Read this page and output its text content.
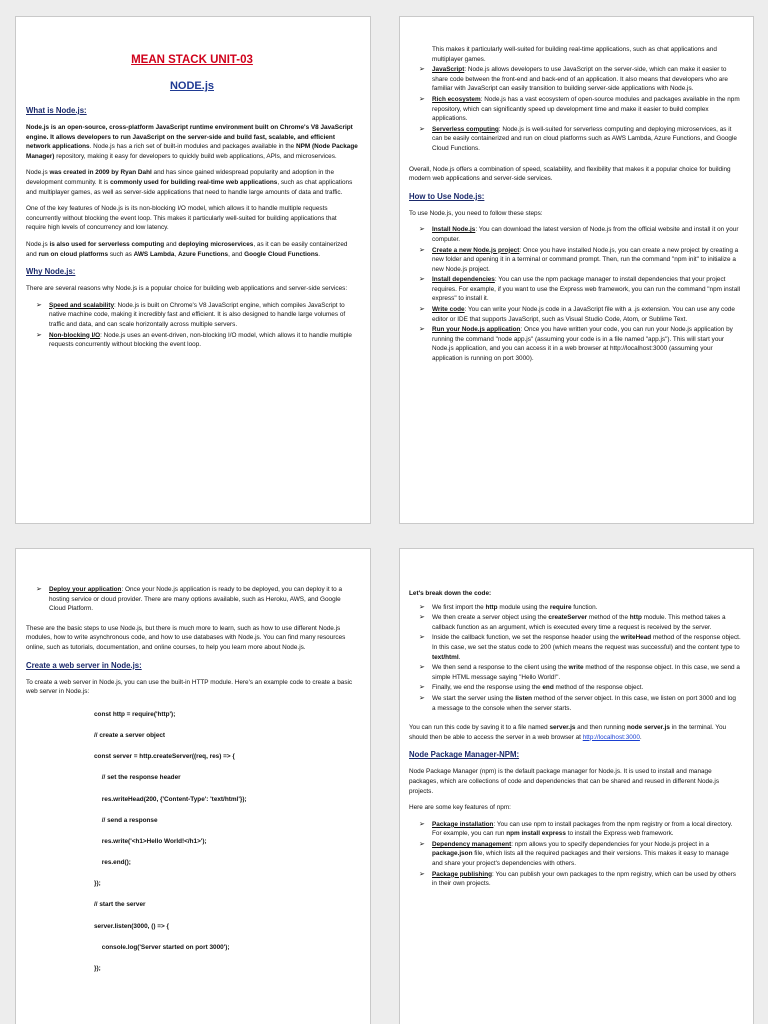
MEAN STACK UNIT-03
NODE.js
What is Node.js:

Node.js is an open-source, cross-platform JavaScript runtime environment built on Chrome's V8 JavaScript engine. It allows developers to run JavaScript on the server-side and build fast, scalable, and efficient network applications. Node.js has a rich set of built-in modules and packages available in the NPM (Node Package Manager) repository, making it easy for developers to quickly build web applications, APIs, and microservices.

Node.js was created in 2009 by Ryan Dahl and has since gained widespread popularity and adoption in the development community. It is commonly used for building real-time web applications, such as chat applications and multiplayer games, as well as server-side applications that need to handle large amounts of data and traffic.

One of the key features of Node.js is its non-blocking I/O model, which allows it to handle multiple requests concurrently without blocking the event loop. This makes it particularly well-suited for building applications that require high levels of concurrency and low latency.

Node.js is also used for serverless computing and deploying microservices, as it can be easily containerized and run on cloud platforms such as AWS Lambda, Azure Functions, and Google Cloud Functions.

Why Node.js:

There are several reasons why Node.js is a popular choice for building web applications and server-side services:

➢ Speed and scalability: Node.js is built on Chrome's V8 JavaScript engine, which compiles JavaScript to native machine code, making it incredibly fast and efficient. It is also designed to handle large volumes of traffic and data, and can scale horizontally across multiple servers.
➢ Non-blocking I/O: Node.js uses an event-driven, non-blocking I/O model, which allows it to handle multiple requests concurrently without blocking the event loop.

This makes it particularly well-suited for building real-time applications, such as chat applications and multiplayer games.

➢ JavaScript: Node.js allows developers to use JavaScript on the server-side, which can make it easier to share code between the front-end and back-end of an application. It also means that developers who are familiar with JavaScript can easily transition to building server-side applications with Node.js.
➢ Rich ecosystem: Node.js has a vast ecosystem of open-source modules and packages available in the npm repository, which can significantly speed up development time and make it easier to build complex applications.
➢ Serverless computing: Node.js is well-suited for serverless computing and deploying microservices, as it can be easily containerized and run on cloud platforms such as AWS Lambda, Azure Functions, and Google Cloud Functions.

Overall, Node.js offers a combination of speed, scalability, and flexibility that makes it a popular choice for building modern web applications and server-side services.

How to Use Node.js:

To use Node.js, you need to follow these steps:

➢ Install Node.js: You can download the latest version of Node.js from the official website and install it on your computer.
➢ Create a new Node.js project: Once you have installed Node.js, you can create a new project by creating a new folder and opening it in a terminal or command prompt. Then, run the command "npm init" to initialize a new Node.js project.
➢ Install dependencies: You can use the npm package manager to install dependencies that your project requires. For example, if you want to use the Express web framework, you can run the command "npm install express" to install it.
➢ Write code: You can write your Node.js code in a JavaScript file with a .js extension. You can use any code editor or IDE that supports JavaScript, such as Visual Studio Code, Atom, or Sublime Text.
➢ Run your Node.js application: Once you have written your code, you can run your Node.js application by running the command "node app.js" (assuming your code is in a file named "app.js"). This will start your Node.js application, and you can access it in a web browser at http://localhost:3000 (assuming your application is running on port 3000).
➢ Deploy your application: Once your Node.js application is ready to be deployed, you can deploy it to a hosting service or cloud provider. There are many options available, such as Heroku, AWS, and Google Cloud Platform.

These are the basic steps to use Node.js, but there is much more to learn, such as how to use different Node.js modules, how to write asynchronous code, and how to use databases with Node.js. You can find many resources online, such as tutorials, documentation, and online courses, to help you learn more about Node.js.

Create a web server in Node.js:

To create a web server in Node.js, you can use the built-in HTTP module. Here's an example code to create a basic web server in Node.js:

const http = require('http');
// create a server object
const server = http.createServer((req, res) => {
// set the response header
res.writeHead(200, {'Content-Type': 'text/html'});
// send a response
res.write('<h1>Hello World!</h1>');
res.end();
});
// start the server
server.listen(3000, () => {
console.log('Server started on port 3000');
});

Let's break down the code:

➢ We first import the http module using the require function.
➢ We then create a server object using the createServer method of the http module. This method takes a callback function as an argument, which is executed every time a request is received by the server.
➢ Inside the callback function, we set the response header using the writeHead method of the response object. In this case, we set the status code to 200 (which means the request was successful) and the content type to text/html.
➢ We then send a response to the client using the write method of the response object. In this case, we send a simple HTML message saying "Hello World!".
➢ Finally, we end the response using the end method of the response object.
➢ We start the server using the listen method of the server object. In this case, we listen on port 3000 and log a message to the console when the server starts.

You can run this code by saving it to a file named server.js and then running node server.js in the terminal. You should then be able to access the server in a web browser at http://localhost:3000.

Node Package Manager-NPM:

Node Package Manager (npm) is the default package manager for Node.js. It is used to install and manage packages, which are collections of code and dependencies that can be shared and reused in different Node.js projects.

Here are some key features of npm:

➢ Package installation: You can use npm to install packages from the npm registry or from a local directory. For example, you can run npm install express to install the Express web framework.
➢ Dependency management: npm allows you to specify dependencies for your Node.js project in a package.json file, which lists all the required packages and their versions. This makes it easy to manage and share your project's dependencies with others.
➢ Package publishing: You can publish your own packages to the npm registry, which can be used by others in their own projects.
